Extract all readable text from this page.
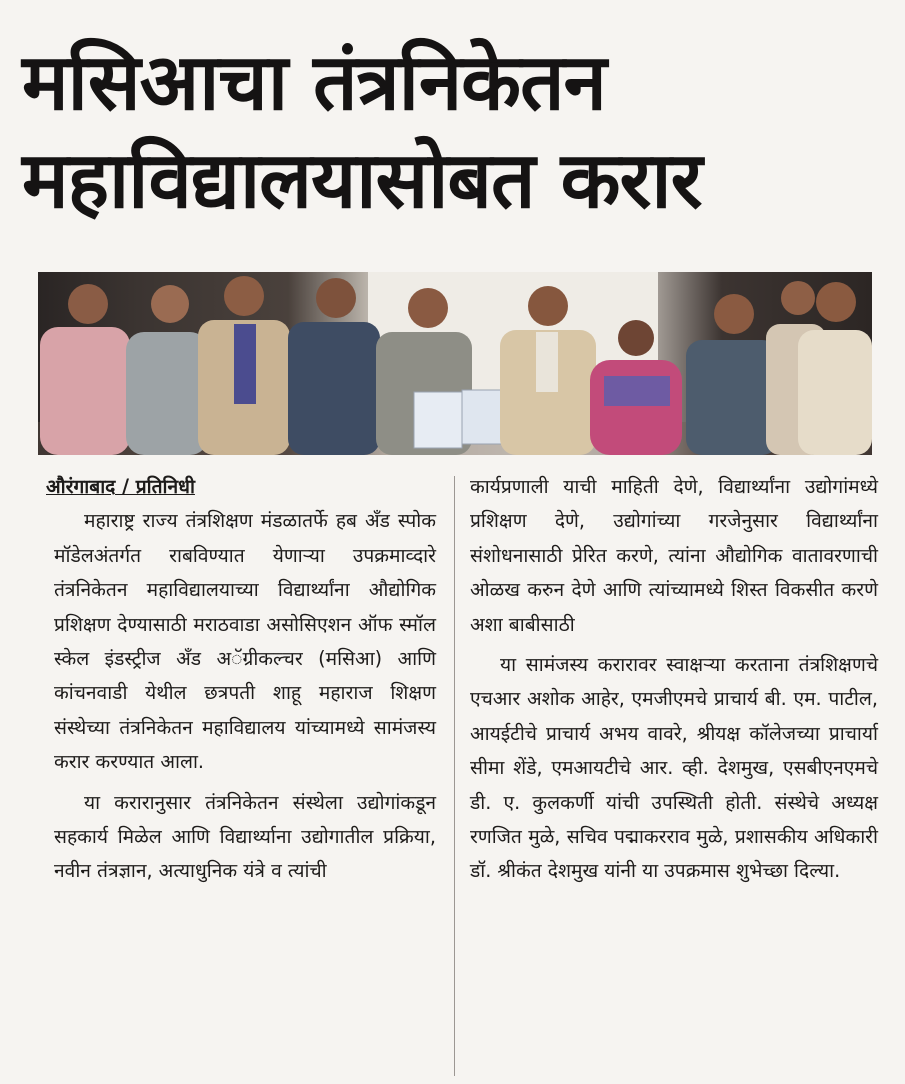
मसिआचा तंत्रनिकेतन
महाविद्यालयासोबत करार
औरंगाबाद / प्रतिनिधी

महाराष्ट्र राज्य तंत्रशिक्षण मंडळातर्फे हब अँड स्पोक मॉडेलअंतर्गत राबविण्यात येणाऱ्या उपक्रमाव्दारे तंत्रनिकेतन महाविद्यालयाच्या विद्यार्थ्यांना औद्योगिक प्रशिक्षण देण्यासाठी मराठवाडा असोसिएशन ऑफ स्मॉल स्केल इंडस्ट्रीज अँड अॅग्रीकल्चर (मसिआ) आणि कांचनवाडी येथील छत्रपती शाहू महाराज शिक्षण संस्थेच्या तंत्रनिकेतन महाविद्यालय यांच्यामध्ये सामंजस्य करार करण्यात आला.

या करारानुसार तंत्रनिकेतन संस्थेला उद्योगांकडून सहकार्य मिळेल आणि विद्यार्थ्याना उद्योगातील प्रक्रिया, नवीन तंत्रज्ञान, अत्याधुनिक यंत्रे व त्यांची

कार्यप्रणाली याची माहिती देणे, विद्यार्थ्यांना उद्योगांमध्ये प्रशिक्षण देणे, उद्योगांच्या गरजेनुसार विद्यार्थ्यांना संशोधनासाठी प्रेरित करणे, त्यांना औद्योगिक वातावरणाची ओळख करुन देणे आणि त्यांच्यामध्ये शिस्त विकसीत करणे अशा बाबीसाठी

या सामंजस्य करारावर स्वाक्षऱ्या करताना तंत्रशिक्षणचे एचआर अशोक आहेर, एमजीएमचे प्राचार्य बी. एम. पाटील, आयईटीचे प्राचार्य अभय वावरे, श्रीयक्ष कॉलेजच्या प्राचार्या सीमा शेंडे, एमआयटीचे आर. व्ही. देशमुख, एसबीएनएमचे डी. ए. कुलकर्णी यांची उपस्थिती होती. संस्थेचे अध्यक्ष रणजित मुळे, सचिव पद्माकरराव मुळे, प्रशासकीय अधिकारी डॉ. श्रीकंत देशमुख यांनी या उपक्रमास शुभेच्छा दिल्या.
